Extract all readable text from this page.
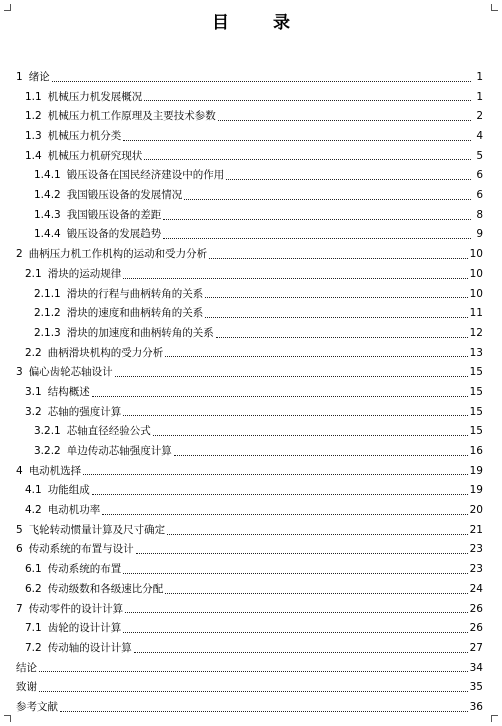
目录
1 绪论	1
1.1 机械压力机发展概况	1
1.2 机械压力机工作原理及主要技术参数	2
1.3 机械压力机分类	4
1.4 机械压力机研究现状	5
1.4.1 锻压设备在国民经济建设中的作用	6
1.4.2 我国锻压设备的发展情况	6
1.4.3 我国锻压设备的差距	8
1.4.4 锻压设备的发展趋势	9
2 曲柄压力机工作机构的运动和受力分析	10
2.1 滑块的运动规律	10
2.1.1 滑块的行程与曲柄转角的关系	10
2.1.2 滑块的速度和曲柄转角的关系	11
2.1.3 滑块的加速度和曲柄转角的关系	12
2.2 曲柄滑块机构的受力分析	13
3 偏心齿轮芯轴设计	15
3.1 结构概述	15
3.2 芯轴的强度计算	15
3.2.1 芯轴直径经验公式	15
3.2.2 单边传动芯轴强度计算	16
4 电动机选择	19
4.1 功能组成	19
4.2 电动机功率	20
5 飞轮转动惯量计算及尺寸确定	21
6 传动系统的布置与设计	23
6.1 传动系统的布置	23
6.2 传动级数和各级速比分配	24
7 传动零件的设计计算	26
7.1 齿轮的设计计算	26
7.2 传动轴的设计计算	27
结论	34
致谢	35
参考文献	36
